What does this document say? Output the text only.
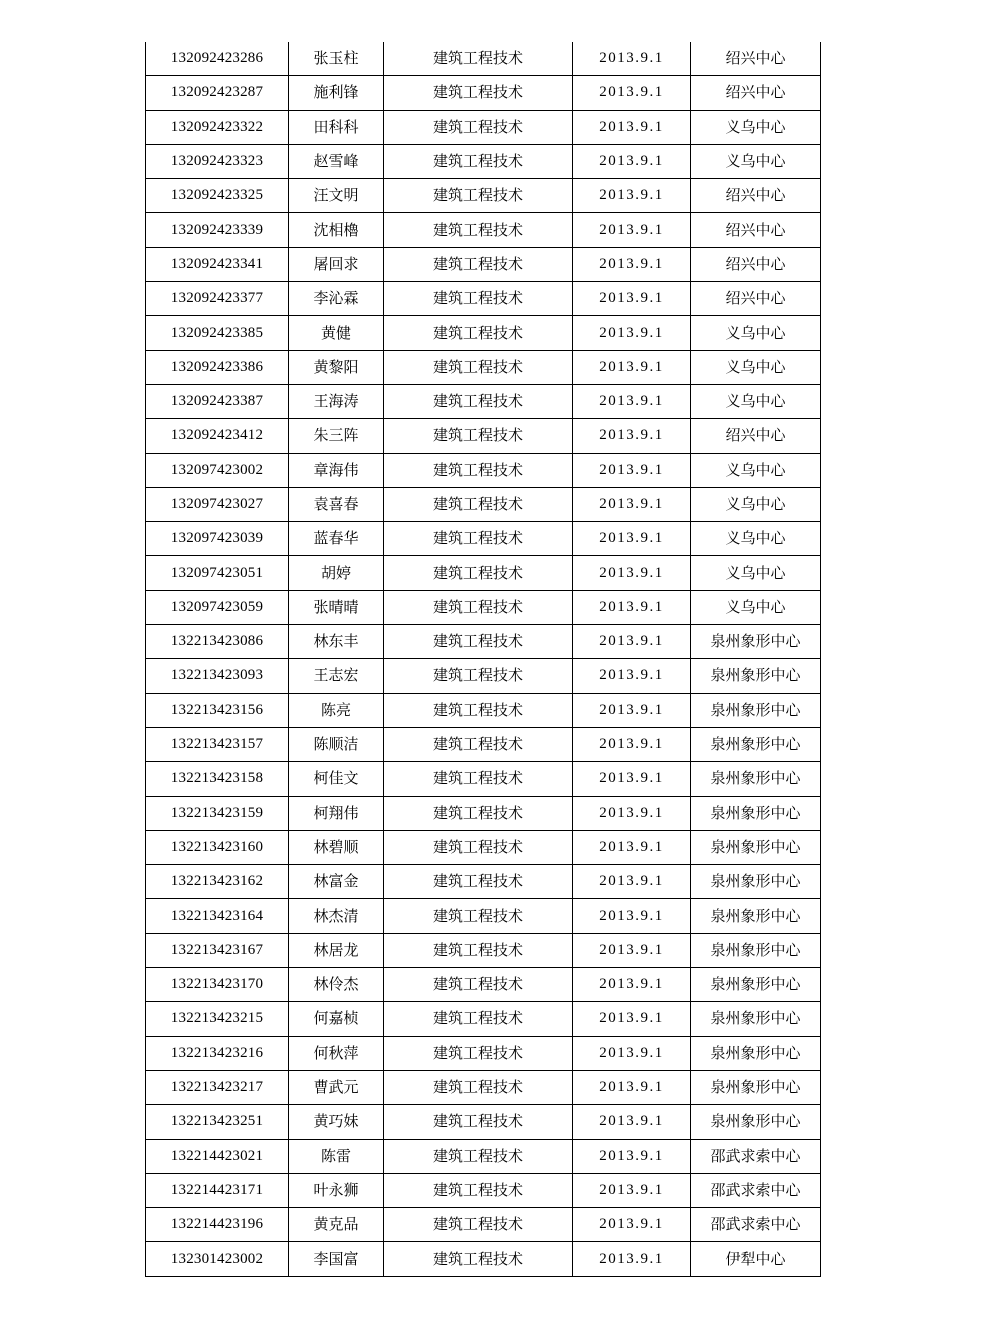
132092423286	张玉柱	建筑工程技术	2013.9.1	绍兴中心
132092423287	施利锋	建筑工程技术	2013.9.1	绍兴中心
132092423322	田科科	建筑工程技术	2013.9.1	义乌中心
132092423323	赵雪峰	建筑工程技术	2013.9.1	义乌中心
132092423325	汪文明	建筑工程技术	2013.9.1	绍兴中心
132092423339	沈相櫓	建筑工程技术	2013.9.1	绍兴中心
132092423341	屠回求	建筑工程技术	2013.9.1	绍兴中心
132092423377	李沁霖	建筑工程技术	2013.9.1	绍兴中心
132092423385	黄健	建筑工程技术	2013.9.1	义乌中心
132092423386	黄黎阳	建筑工程技术	2013.9.1	义乌中心
132092423387	王海涛	建筑工程技术	2013.9.1	义乌中心
132092423412	朱三阵	建筑工程技术	2013.9.1	绍兴中心
132097423002	章海伟	建筑工程技术	2013.9.1	义乌中心
132097423027	袁喜春	建筑工程技术	2013.9.1	义乌中心
132097423039	蓝春华	建筑工程技术	2013.9.1	义乌中心
132097423051	胡婷	建筑工程技术	2013.9.1	义乌中心
132097423059	张晴晴	建筑工程技术	2013.9.1	义乌中心
132213423086	林东丰	建筑工程技术	2013.9.1	泉州象形中心
132213423093	王志宏	建筑工程技术	2013.9.1	泉州象形中心
132213423156	陈亮	建筑工程技术	2013.9.1	泉州象形中心
132213423157	陈顺洁	建筑工程技术	2013.9.1	泉州象形中心
132213423158	柯佳文	建筑工程技术	2013.9.1	泉州象形中心
132213423159	柯翔伟	建筑工程技术	2013.9.1	泉州象形中心
132213423160	林碧顺	建筑工程技术	2013.9.1	泉州象形中心
132213423162	林富金	建筑工程技术	2013.9.1	泉州象形中心
132213423164	林杰清	建筑工程技术	2013.9.1	泉州象形中心
132213423167	林居龙	建筑工程技术	2013.9.1	泉州象形中心
132213423170	林伶杰	建筑工程技术	2013.9.1	泉州象形中心
132213423215	何嘉桢	建筑工程技术	2013.9.1	泉州象形中心
132213423216	何秋萍	建筑工程技术	2013.9.1	泉州象形中心
132213423217	曹武元	建筑工程技术	2013.9.1	泉州象形中心
132213423251	黄巧妹	建筑工程技术	2013.9.1	泉州象形中心
132214423021	陈雷	建筑工程技术	2013.9.1	邵武求索中心
132214423171	叶永狮	建筑工程技术	2013.9.1	邵武求索中心
132214423196	黄克品	建筑工程技术	2013.9.1	邵武求索中心
132301423002	李国富	建筑工程技术	2013.9.1	伊犁中心
